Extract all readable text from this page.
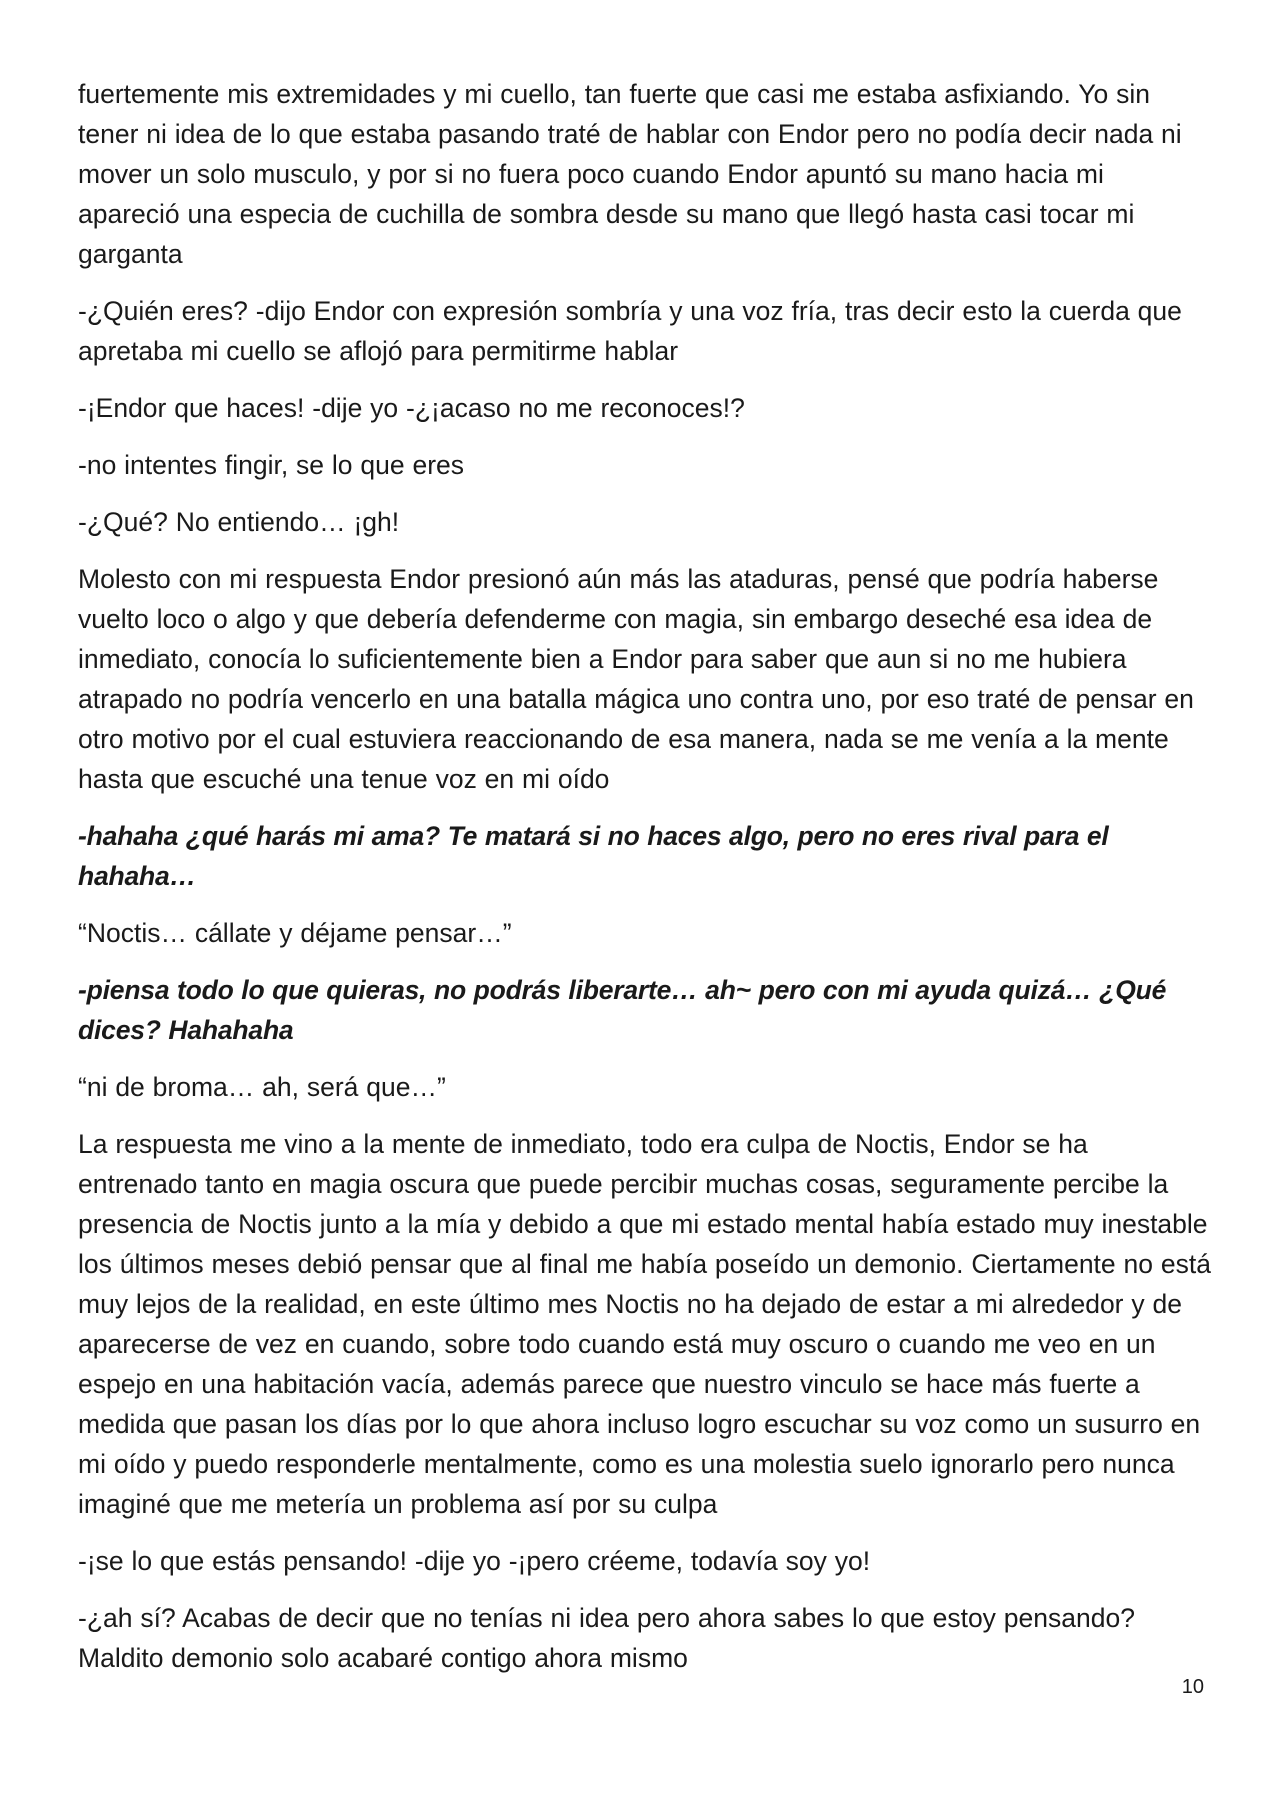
fuertemente mis extremidades y mi cuello, tan fuerte que casi me estaba asfixiando. Yo sin tener ni idea de lo que estaba pasando traté de hablar con Endor pero no podía decir nada ni mover un solo musculo, y por si no fuera poco cuando Endor apuntó su mano hacia mi apareció una especia de cuchilla de sombra desde su mano que llegó hasta casi tocar mi garganta

-¿Quién eres? -dijo Endor con expresión sombría y una voz fría, tras decir esto la cuerda que apretaba mi cuello se aflojó para permitirme hablar

-¡Endor que haces! -dije yo -¿¡acaso no me reconoces!?

-no intentes fingir, se lo que eres

-¿Qué? No entiendo… ¡gh!

Molesto con mi respuesta Endor presionó aún más las ataduras, pensé que podría haberse vuelto loco o algo y que debería defenderme con magia, sin embargo deseché esa idea de inmediato, conocía lo suficientemente bien a Endor para saber que aun si no me hubiera atrapado no podría vencerlo en una batalla mágica uno contra uno, por eso traté de pensar en otro motivo por el cual estuviera reaccionando de esa manera, nada se me venía a la mente hasta que escuché una tenue voz en mi oído

-hahaha ¿qué harás mi ama? Te matará si no haces algo, pero no eres rival para el hahaha…

“Noctis… cállate y déjame pensar…”

-piensa todo lo que quieras, no podrás liberarte… ah~ pero con mi ayuda quizá… ¿Qué dices? Hahahaha

“ni de broma… ah, será que…”

La respuesta me vino a la mente de inmediato, todo era culpa de Noctis, Endor se ha entrenado tanto en magia oscura que puede percibir muchas cosas, seguramente percibe la presencia de Noctis junto a la mía y debido a que mi estado mental había estado muy inestable los últimos meses debió pensar que al final me había poseído un demonio. Ciertamente no está muy lejos de la realidad, en este último mes Noctis no ha dejado de estar a mi alrededor y de aparecerse de vez en cuando, sobre todo cuando está muy oscuro o cuando me veo en un espejo en una habitación vacía, además parece que nuestro vinculo se hace más fuerte a medida que pasan los días por lo que ahora incluso logro escuchar su voz como un susurro en mi oído y puedo responderle mentalmente, como es una molestia suelo ignorarlo pero nunca imaginé que me metería un problema así por su culpa

-¡se lo que estás pensando! -dije yo -¡pero créeme, todavía soy yo!

-¿ah sí? Acabas de decir que no tenías ni idea pero ahora sabes lo que estoy pensando? Maldito demonio solo acabaré contigo ahora mismo

10
